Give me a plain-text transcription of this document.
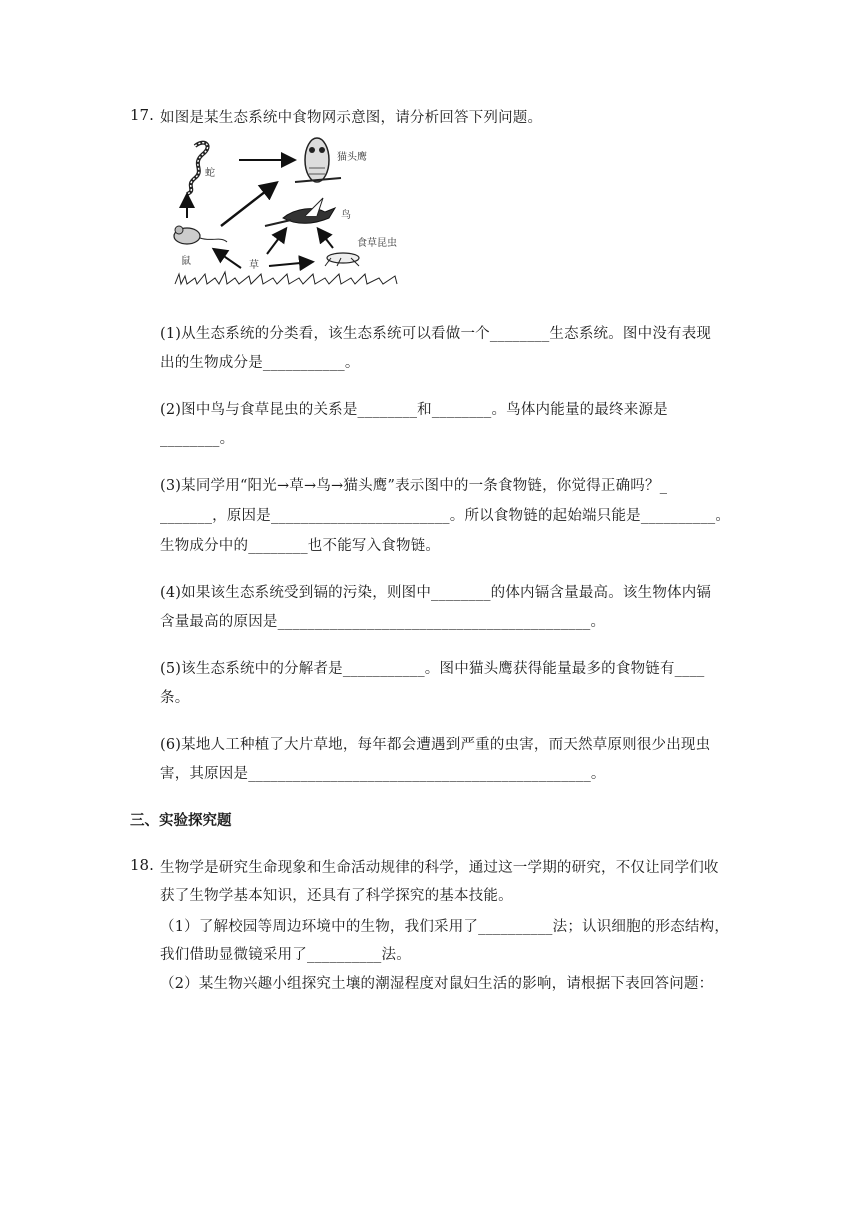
17. 如图是某生态系统中食物网示意图，请分析回答下列问题。
蛇
猫头鹰
鸟
食草昆虫
鼠	草
(1)从生态系统的分类看，该生态系统可以看做一个________生态系统。图中没有表现
出的生物成分是___________。
(2)图中鸟与食草昆虫的关系是________和________。鸟体内能量的最终来源是
________。
(3)某同学用“阳光→草→鸟→猫头鹰”表示图中的一条食物链，你觉得正确吗？_
_______，原因是________________________。所以食物链的起始端只能是__________。
生物成分中的________也不能写入食物链。
(4)如果该生态系统受到镉的污染，则图中________的体内镉含量最高。该生物体内镉
含量最高的原因是__________________________________________。
(5)该生态系统中的分解者是___________。图中猫头鹰获得能量最多的食物链有____
条。
(6)某地人工种植了大片草地，每年都会遭遇到严重的虫害，而天然草原则很少出现虫
害，其原因是______________________________________________。
三、实验探究题
18. 生物学是研究生命现象和生命活动规律的科学，通过这一学期的研究，不仅让同学们收
获了生物学基本知识，还具有了科学探究的基本技能。
（1）了解校园等周边环境中的生物，我们采用了__________法；认识细胞的形态结构，
我们借助显微镜采用了__________法。
（2）某生物兴趣小组探究土壤的潮湿程度对鼠妇生活的影响，请根据下表回答问题：
